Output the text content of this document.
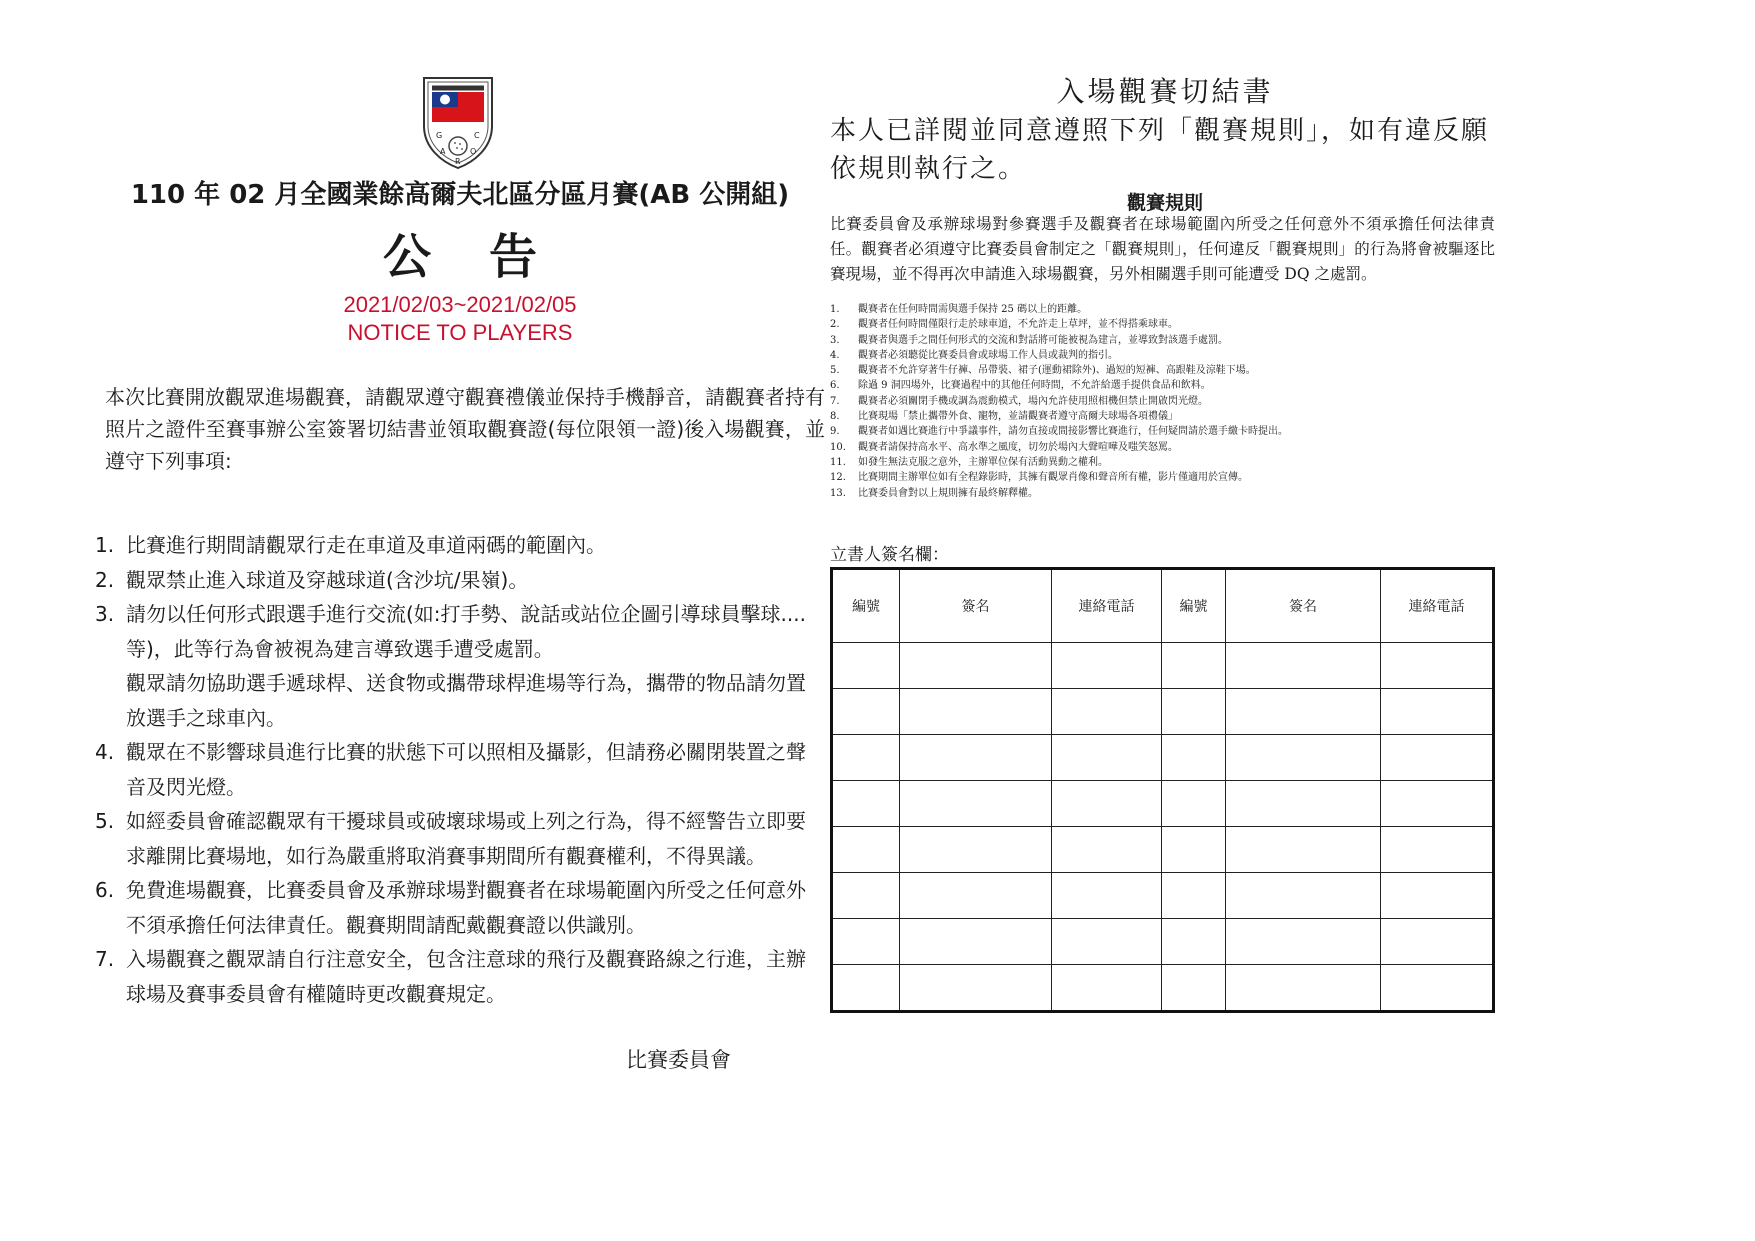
G
A
R
O
C
110 年 02 月全國業餘高爾夫北區分區月賽(AB 公開組)
公告
2021/02/03~2021/02/05
NOTICE TO PLAYERS
本次比賽開放觀眾進場觀賽，請觀眾遵守觀賽禮儀並保持手機靜音，請觀賽者持有照片之證件至賽事辦公室簽署切結書並領取觀賽證(每位限領一證)後入場觀賽，並遵守下列事項:
1. 比賽進行期間請觀眾行走在車道及車道兩碼的範圍內。
2. 觀眾禁止進入球道及穿越球道(含沙坑/果嶺)。
3. 請勿以任何形式跟選手進行交流(如:打手勢、說話或站位企圖引導球員擊球....等)，此等行為會被視為建言導致選手遭受處罰。
觀眾請勿協助選手遞球桿、送食物或攜帶球桿進場等行為，攜帶的物品請勿置放選手之球車內。
4. 觀眾在不影響球員進行比賽的狀態下可以照相及攝影，但請務必關閉裝置之聲音及閃光燈。
5. 如經委員會確認觀眾有干擾球員或破壞球場或上列之行為，得不經警告立即要求離開比賽場地，如行為嚴重將取消賽事期間所有觀賽權利，不得異議。
6. 免費進場觀賽，比賽委員會及承辦球場對觀賽者在球場範圍內所受之任何意外不須承擔任何法律責任。觀賽期間請配戴觀賽證以供識別。
7. 入場觀賽之觀眾請自行注意安全，包含注意球的飛行及觀賽路線之行進，主辦球場及賽事委員會有權隨時更改觀賽規定。
比賽委員會
入場觀賽切結書
本人已詳閱並同意遵照下列「觀賽規則」，如有違反願依規則執行之。
觀賽規則
比賽委員會及承辦球場對參賽選手及觀賽者在球場範圍內所受之任何意外不須承擔任何法律責任。觀賽者必須遵守比賽委員會制定之「觀賽規則」，任何違反「觀賽規則」的行為將會被驅逐比賽現場，並不得再次申請進入球場觀賽，另外相關選手則可能遭受 DQ 之處罰。
1. 觀賽者在任何時間需與選手保持 25 碼以上的距離。
2. 觀賽者任何時間僅限行走於球車道，不允許走上草坪，並不得搭乘球車。
3. 觀賽者與選手之間任何形式的交流和對話將可能被視為建言，並導致對該選手處罰。
4. 觀賽者必須聽從比賽委員會或球場工作人員或裁判的指引。
5. 觀賽者不允許穿著牛仔褲、吊帶裝、裙子(運動裙除外)、過短的短褲、高跟鞋及涼鞋下場。
6. 除過 9 洞四場外，比賽過程中的其他任何時間，不允許給選手提供食品和飲料。
7. 觀賽者必須關閉手機或調為震動模式，場內允許使用照相機但禁止開啟閃光燈。
8. 比賽現場「禁止攜帶外食、寵物，並請觀賽者遵守高爾夫球場各項禮儀」
9. 觀賽者如遇比賽進行中爭議事件，請勿直接或間接影響比賽進行，任何疑問請於選手繳卡時提出。
10. 觀賽者請保持高水平、高水準之風度，切勿於場內大聲喧嘩及嗤笑怒罵。
11. 如發生無法克服之意外，主辦單位保有活動異動之權利。
12. 比賽期間主辦單位如有全程錄影時，其擁有觀眾肖像和聲音所有權，影片僅適用於宣傳。
13. 比賽委員會對以上規則擁有最終解釋權。
立書人簽名欄：
編號	簽名	連絡電話	編號	簽名	連絡電話
